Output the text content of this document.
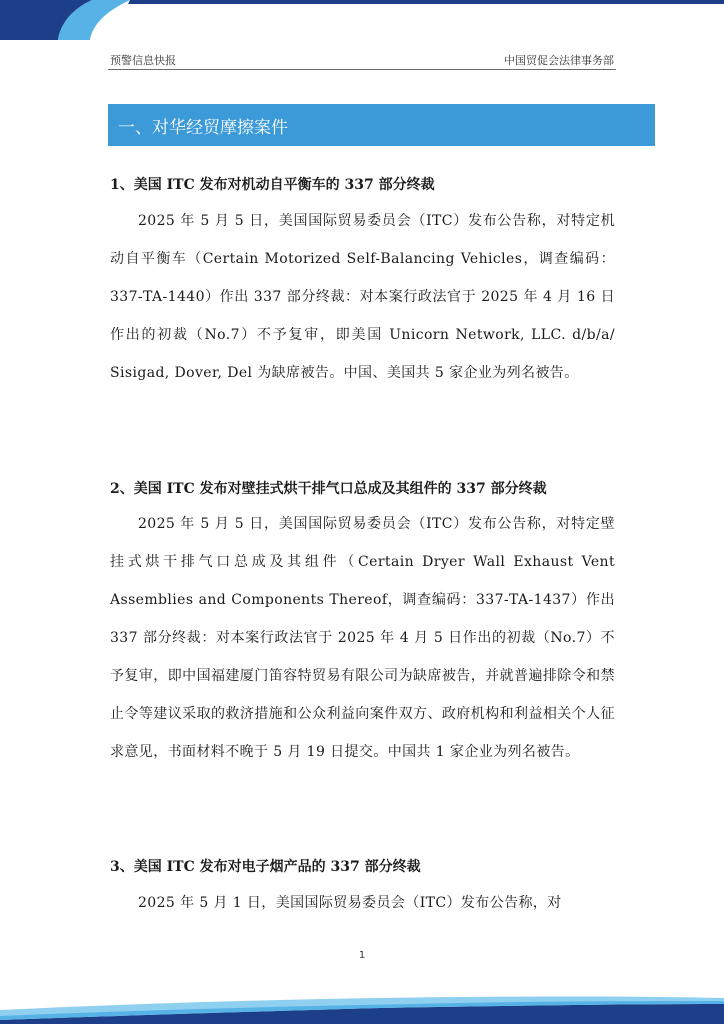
预警信息快报	中国贸促会法律事务部
一、对华经贸摩擦案件
1、美国 ITC 发布对机动自平衡车的 337 部分终裁

2025 年 5 月 5 日，美国国际贸易委员会（ITC）发布公告称，对特定机动自平衡车（Certain Motorized Self-Balancing Vehicles，调查编码：337-TA-1440）作出 337 部分终裁：对本案行政法官于 2025 年 4 月 16 日作出的初裁（No.7）不予复审，即美国 Unicorn Network, LLC. d/b/a/ Sisigad, Dover, Del 为缺席被告。中国、美国共 5 家企业为列名被告。

2、美国 ITC 发布对壁挂式烘干排气口总成及其组件的 337 部分终裁

2025 年 5 月 5 日，美国国际贸易委员会（ITC）发布公告称，对特定壁挂式烘干排气口总成及其组件（Certain Dryer Wall Exhaust Vent Assemblies and Components Thereof，调查编码：337-TA-1437）作出 337 部分终裁：对本案行政法官于 2025 年 4 月 5 日作出的初裁（No.7）不予复审，即中国福建厦门笛容特贸易有限公司为缺席被告，并就普遍排除令和禁止令等建议采取的救济措施和公众利益向案件双方、政府机构和利益相关个人征求意见，书面材料不晚于 5 月 19 日提交。中国共 1 家企业为列名被告。

3、美国 ITC 发布对电子烟产品的 337 部分终裁

2025 年 5 月 1 日，美国国际贸易委员会（ITC）发布公告称，对

1
